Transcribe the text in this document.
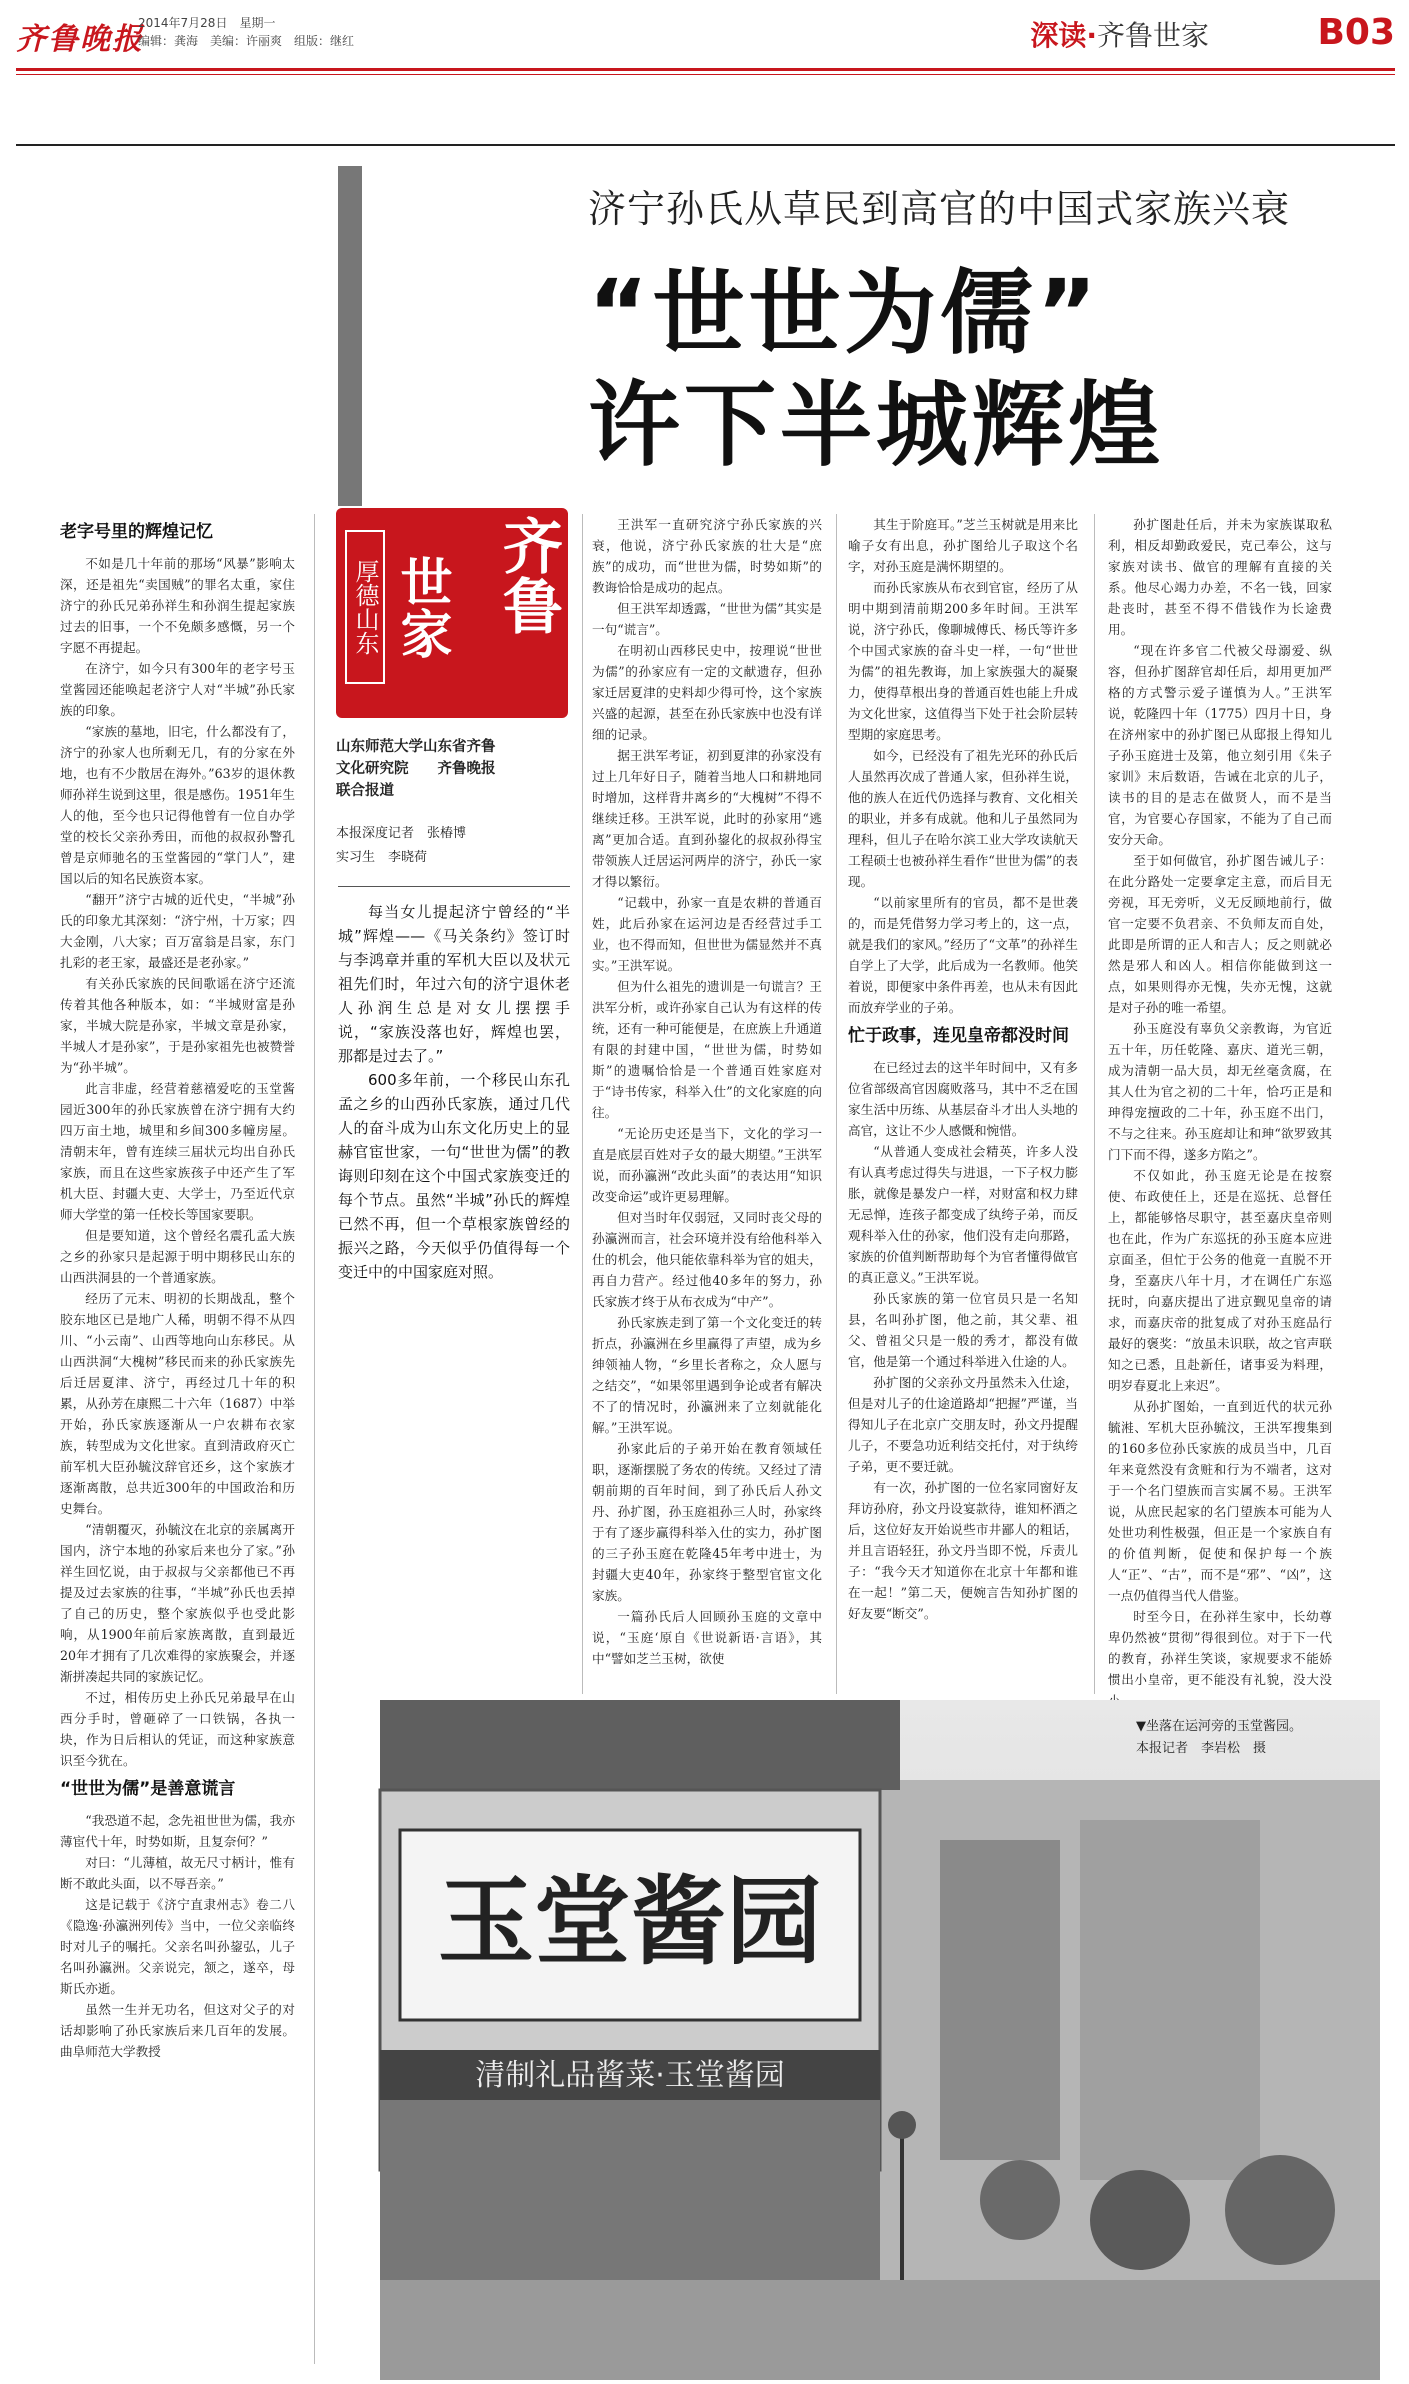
齐鲁晚报
2014年7月28日　星期一
编辑：龚海　美编：许丽爽　组版：继红	深读·齐鲁世家	B03
济宁孙氏从草民到高官的中国式家族兴衰
“世世为儒”
许下半城辉煌
老字号里的辉煌记忆

不如是几十年前的那场“风暴”影响太深，还是祖先“卖国贼”的罪名太重，家住济宁的孙氏兄弟孙祥生和孙润生提起家族过去的旧事，一个不免颇多感慨，另一个字愿不再提起。

在济宁，如今只有300年的老字号玉堂酱园还能唤起老济宁人对“半城”孙氏家族的印象。

“家族的墓地，旧宅，什么都没有了，济宁的孙家人也所剩无几，有的分家在外地，也有不少散居在海外。”63岁的退休教师孙祥生说到这里，很是感伤。1951年生人的他，至今也只记得他曾有一位自办学堂的校长父亲孙秀田，而他的叔叔孙警孔曾是京师驰名的玉堂酱园的“掌门人”，建国以后的知名民族资本家。

“翻开”济宁古城的近代史，“半城”孙氏的印象尤其深刻：“济宁州，十万家；四大金刚，八大家；百万富翁是吕家，东门扎彩的老王家，最盛还是老孙家。”

有关孙氏家族的民间歌谣在济宁还流传着其他各种版本，如：“半城财富是孙家，半城大院是孙家，半城文章是孙家，半城人才是孙家”，于是孙家祖先也被赞誉为“孙半城”。

此言非虚，经营着慈禧爱吃的玉堂酱园近300年的孙氏家族曾在济宁拥有大约四万亩土地，城里和乡间300多幢房屋。清朝末年，曾有连续三届状元均出自孙氏家族，而且在这些家族孩子中还产生了军机大臣、封疆大吏、大学士，乃至近代京师大学堂的第一任校长等国家要职。

但是要知道，这个曾经名震孔孟大族之乡的孙家只是起源于明中期移民山东的山西洪洞县的一个普通家族。

经历了元末、明初的长期战乱，整个胶东地区已是地广人稀，明朝不得不从四川、“小云南”、山西等地向山东移民。从山西洪洞“大槐树”移民而来的孙氏家族先后迁居夏津、济宁，再经过几十年的积累，从孙芳在康熙二十六年（1687）中举开始，孙氏家族逐渐从一户农耕布衣家族，转型成为文化世家。直到清政府灭亡前军机大臣孙毓汶辞官还乡，这个家族才逐渐离散，总共近300年的中国政治和历史舞台。

“清朝覆灭，孙毓汶在北京的亲属离开国内，济宁本地的孙家后来也分了家。”孙祥生回忆说，由于叔叔与父亲都他已不再提及过去家族的往事，“半城”孙氏也丢掉了自己的历史，整个家族似乎也受此影响，从1900年前后家族离散，直到最近20年才拥有了几次难得的家族聚会，并逐渐拼凑起共同的家族记忆。

不过，相传历史上孙氏兄弟最早在山西分手时，曾砸碎了一口铁锅，各执一块，作为日后相认的凭证，而这种家族意识至今犹在。

“世世为儒”是善意谎言

“我恐道不起，念先祖世世为儒，我亦薄宦代十年，时势如斯，且复奈何？”

对曰：“儿薄植，故无尺寸柄计，惟有断不敢此头面，以不辱吾亲。”

这是记载于《济宁直隶州志》卷二八《隐逸·孙瀛洲列传》当中，一位父亲临终时对儿子的嘱托。父亲名叫孙鋆弘，儿子名叫孙瀛洲。父亲说完，颔之，遂卒，母斯氏亦逝。

虽然一生并无功名，但这对父子的对话却影响了孙氏家族后来几百年的发展。曲阜师范大学教授

齐鲁
世家
厚德山东
山东师范大学山东省齐鲁
文化研究院　　齐鲁晚报
联合报道
本报深度记者　张椿博
实习生　李晓荷

每当女儿提起济宁曾经的“半城”辉煌——《马关条约》签订时与李鸿章并重的军机大臣以及状元祖先们时，年过六旬的济宁退休老人孙润生总是对女儿摆摆手说，“家族没落也好，辉煌也罢，那都是过去了。”

600多年前，一个移民山东孔孟之乡的山西孙氏家族，通过几代人的奋斗成为山东文化历史上的显赫官宦世家，一句“世世为儒”的教诲则印刻在这个中国式家族变迁的每个节点。虽然“半城”孙氏的辉煌已然不再，但一个草根家族曾经的振兴之路，今天似乎仍值得每一个变迁中的中国家庭对照。

王洪军一直研究济宁孙氏家族的兴衰，他说，济宁孙氏家族的壮大是“庶族”的成功，而“世世为儒，时势如斯”的教诲恰恰是成功的起点。

但王洪军却透露，“世世为儒”其实是一句“谎言”。

在明初山西移民史中，按理说“世世为儒”的孙家应有一定的文献遗存，但孙家迁居夏津的史料却少得可怜，这个家族兴盛的起源，甚至在孙氏家族中也没有详细的记录。

据王洪军考证，初到夏津的孙家没有过上几年好日子，随着当地人口和耕地同时增加，这样背井离乡的“大槐树”不得不继续迁移。王洪军说，此时的孙家用“逃离”更加合适。直到孙鋆化的叔叔孙得宝带领族人迁居运河两岸的济宁，孙氏一家才得以繁衍。

“记载中，孙家一直是农耕的普通百姓，此后孙家在运河边是否经营过手工业，也不得而知，但世世为儒显然并不真实。”王洪军说。

但为什么祖先的遗训是一句谎言？王洪军分析，或许孙家自己认为有这样的传统，还有一种可能便是，在庶族上升通道有限的封建中国，“世世为儒，时势如斯”的遗嘱恰恰是一个普通百姓家庭对于“诗书传家，科举入仕”的文化家庭的向往。

“无论历史还是当下，文化的学习一直是底层百姓对子女的最大期望。”王洪军说，而孙瀛洲“改此头面”的表达用“知识改变命运”或许更易理解。

但对当时年仅弱冠，又同时丧父母的孙瀛洲而言，社会环境并没有给他科举入仕的机会，他只能依靠科举为官的姐夫，再自力营产。经过他40多年的努力，孙氏家族才终于从布衣成为“中产”。

孙氏家族走到了第一个文化变迁的转折点，孙瀛洲在乡里赢得了声望，成为乡绅领袖人物，“乡里长者称之，众人愿与之结交”，“如果邻里遇到争论或者有解决不了的情况时，孙瀛洲来了立刻就能化解。”王洪军说。

孙家此后的子弟开始在教育领域任职，逐渐摆脱了务农的传统。又经过了清朝前期的百年时间，到了孙氏后人孙文丹、孙扩图，孙玉庭祖孙三人时，孙家终于有了逐步赢得科举入仕的实力，孙扩图的三子孙玉庭在乾隆45年考中进士，为封疆大吏40年，孙家终于整型官宦文化家族。

一篇孙氏后人回顾孙玉庭的文章中说，“玉庭‘原自《世说新语·言语》，其中“譬如芝兰玉树，欲使

其生于阶庭耳。”芝兰玉树就是用来比喻子女有出息，孙扩图给儿子取这个名字，对孙玉庭是满怀期望的。

而孙氏家族从布衣到官宦，经历了从明中期到清前期200多年时间。王洪军说，济宁孙氏，像聊城傅氏、杨氏等许多个中国式家族的奋斗史一样，一句“世世为儒”的祖先教诲，加上家族强大的凝聚力，使得草根出身的普通百姓也能上升成为文化世家，这值得当下处于社会阶层转型期的家庭思考。

如今，已经没有了祖先光环的孙氏后人虽然再次成了普通人家，但孙祥生说，他的族人在近代仍选择与教育、文化相关的职业，并多有成就。他和儿子虽然同为理科，但儿子在哈尔滨工业大学攻读航天工程硕士也被孙祥生看作“世世为儒”的表现。

“以前家里所有的官员，都不是世袭的，而是凭借努力学习考上的，这一点，就是我们的家风。”经历了“文革”的孙祥生自学上了大学，此后成为一名教师。他笑着说，即便家中条件再差，也从未有因此而放弃学业的子弟。

忙于政事，连见皇帝都没时间

在已经过去的这半年时间中，又有多位省部级高官因腐败落马，其中不乏在国家生活中历练、从基层奋斗才出人头地的高官，这让不少人感慨和惋惜。

“从普通人变成社会精英，许多人没有认真考虑过得失与进退，一下子权力膨胀，就像是暴发户一样，对财富和权力肆无忌惮，连孩子都变成了纨绔子弟，而反观科举入仕的孙家，他们没有走向那路，家族的价值判断帮助每个为官者懂得做官的真正意义。”王洪军说。

孙氏家族的第一位官员只是一名知县，名叫孙扩图，他之前，其父辈、祖父、曾祖父只是一般的秀才，都没有做官，他是第一个通过科举进入仕途的人。

孙扩图的父亲孙文丹虽然未入仕途，但是对儿子的仕途道路却“把握”严谨，当得知儿子在北京广交朋友时，孙文丹提醒儿子，不要急功近利结交托付，对于纨绔子弟，更不要迁就。

有一次，孙扩图的一位名家同窗好友拜访孙府，孙文丹设宴款待，谁知杯酒之后，这位好友开始说些市井鄙人的粗话，并且言语轻狂，孙文丹当即不悦，斥责儿子：“我今天才知道你在北京十年都和谁在一起！”第二天，便婉言告知孙扩图的好友要“断交”。

孙扩图赴任后，并未为家族谋取私利，相反却勤政爱民，克己奉公，这与家族对读书、做官的理解有直接的关系。他尽心竭力办差，不名一钱，回家赴丧时，甚至不得不借钱作为长途费用。

“现在许多官二代被父母溺爱、纵容，但孙扩图辞官却任后，却用更加严格的方式警示爱子谨慎为人。”王洪军说，乾隆四十年（1775）四月十日，身在济州家中的孙扩图已从邸报上得知儿子孙玉庭进士及第，他立刻引用《朱子家训》末后数语，告诫在北京的儿子，读书的目的是志在做贤人，而不是当官，为官要心存国家，不能为了自己而安分天命。

至于如何做官，孙扩图告诫儿子：在此分路处一定要拿定主意，而后目无旁视，耳无旁听，义无反顾地前行，做官一定要不负君亲、不负师友而自处，此即是所谓的正人和吉人；反之则就必然是邪人和凶人。相信你能做到这一点，如果则得亦无愧，失亦无愧，这就是对子孙的唯一希望。

孙玉庭没有辜负父亲教诲，为官近五十年，历任乾隆、嘉庆、道光三朝，成为清朝一品大员，却无丝毫贪腐，在其人仕为官之初的二十年，恰巧正是和珅得宠擅政的二十年，孙玉庭不出门，不与之往来。孙玉庭却让和珅“欲罗致其门下而不得，遂多方陷之”。

不仅如此，孙玉庭无论是在按察使、布政使任上，还是在巡抚、总督任上，都能够恪尽职守，甚至嘉庆皇帝则也在此，作为广东巡抚的孙玉庭本应进京面圣，但忙于公务的他竟一直脱不开身，至嘉庆八年十月，才在调任广东巡抚时，向嘉庆提出了进京觐见皇帝的请求，而嘉庆帝的批复成了对孙玉庭品行最好的褒奖：“放虽未识联，故之官声联知之已悉，且赴新任，诸事妥为料理，明岁春夏北上来迟”。

从孙扩图始，一直到近代的状元孙毓溎、军机大臣孙毓汶，王洪军搜集到的160多位孙氏家族的成员当中，几百年来竟然没有贪赃和行为不端者，这对于一个名门望族而言实属不易。王洪军说，从庶民起家的名门望族本可能为人处世功利性极强，但正是一个家族自有的价值判断，促使和保护每一个族人“正”、“古”，而不是“邪”、“凶”，这一点仍值得当代人借鉴。

时至今日，在孙祥生家中，长幼尊卑仍然被“贯彻”得很到位。对于下一代的教育，孙祥生笑谈，家规要求不能娇惯出小皇帝，更不能没有礼貌，没大没

玉堂酱园
清制礼品酱菜·玉堂酱园
▼坐落在运河旁的玉堂酱园。
本报记者　李岩松　摄
